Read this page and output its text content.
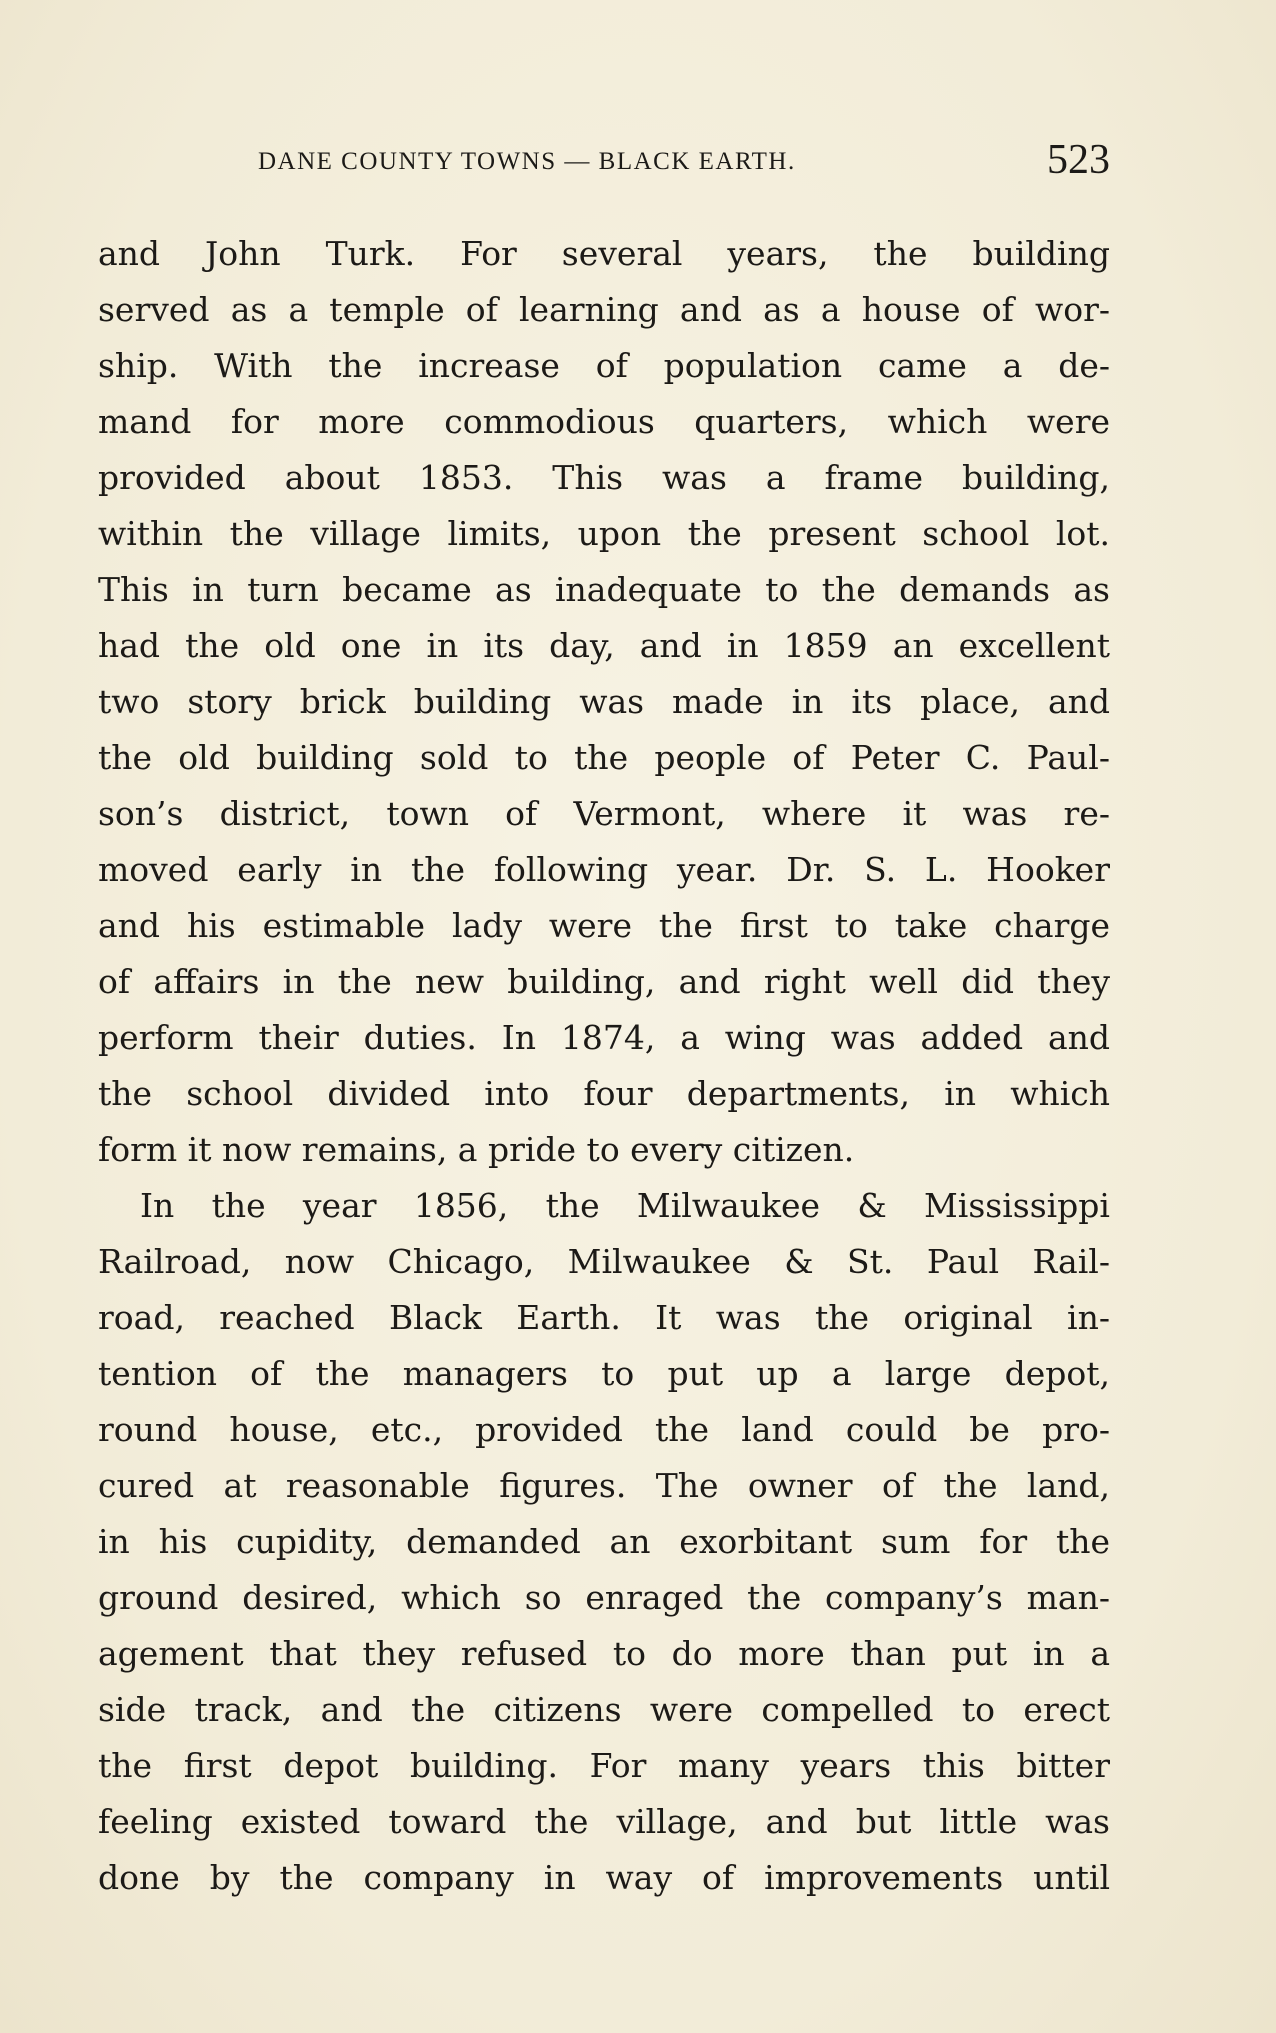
DANE COUNTY TOWNS — BLACK EARTH.	523
and John Turk. For several years, the building
served as a temple of learning and as a house of wor-
ship. With the increase of population came a de-
mand for more commodious quarters, which were
provided about 1853. This was a frame building,
within the village limits, upon the present school lot.
This in turn became as inadequate to the demands as
had the old one in its day, and in 1859 an excellent
two story brick building was made in its place, and
the old building sold to the people of Peter C. Paul-
son’s district, town of Vermont, where it was re-
moved early in the following year. Dr. S. L. Hooker
and his estimable lady were the first to take charge
of affairs in the new building, and right well did they
perform their duties. In 1874, a wing was added and
the school divided into four departments, in which
form it now remains, a pride to every citizen.
In the year 1856, the Milwaukee & Mississippi
Railroad, now Chicago, Milwaukee & St. Paul Rail-
road, reached Black Earth. It was the original in-
tention of the managers to put up a large depot,
round house, etc., provided the land could be pro-
cured at reasonable figures. The owner of the land,
in his cupidity, demanded an exorbitant sum for the
ground desired, which so enraged the company’s man-
agement that they refused to do more than put in a
side track, and the citizens were compelled to erect
the first depot building. For many years this bitter
feeling existed toward the village, and but little was
done by the company in way of improvements until
